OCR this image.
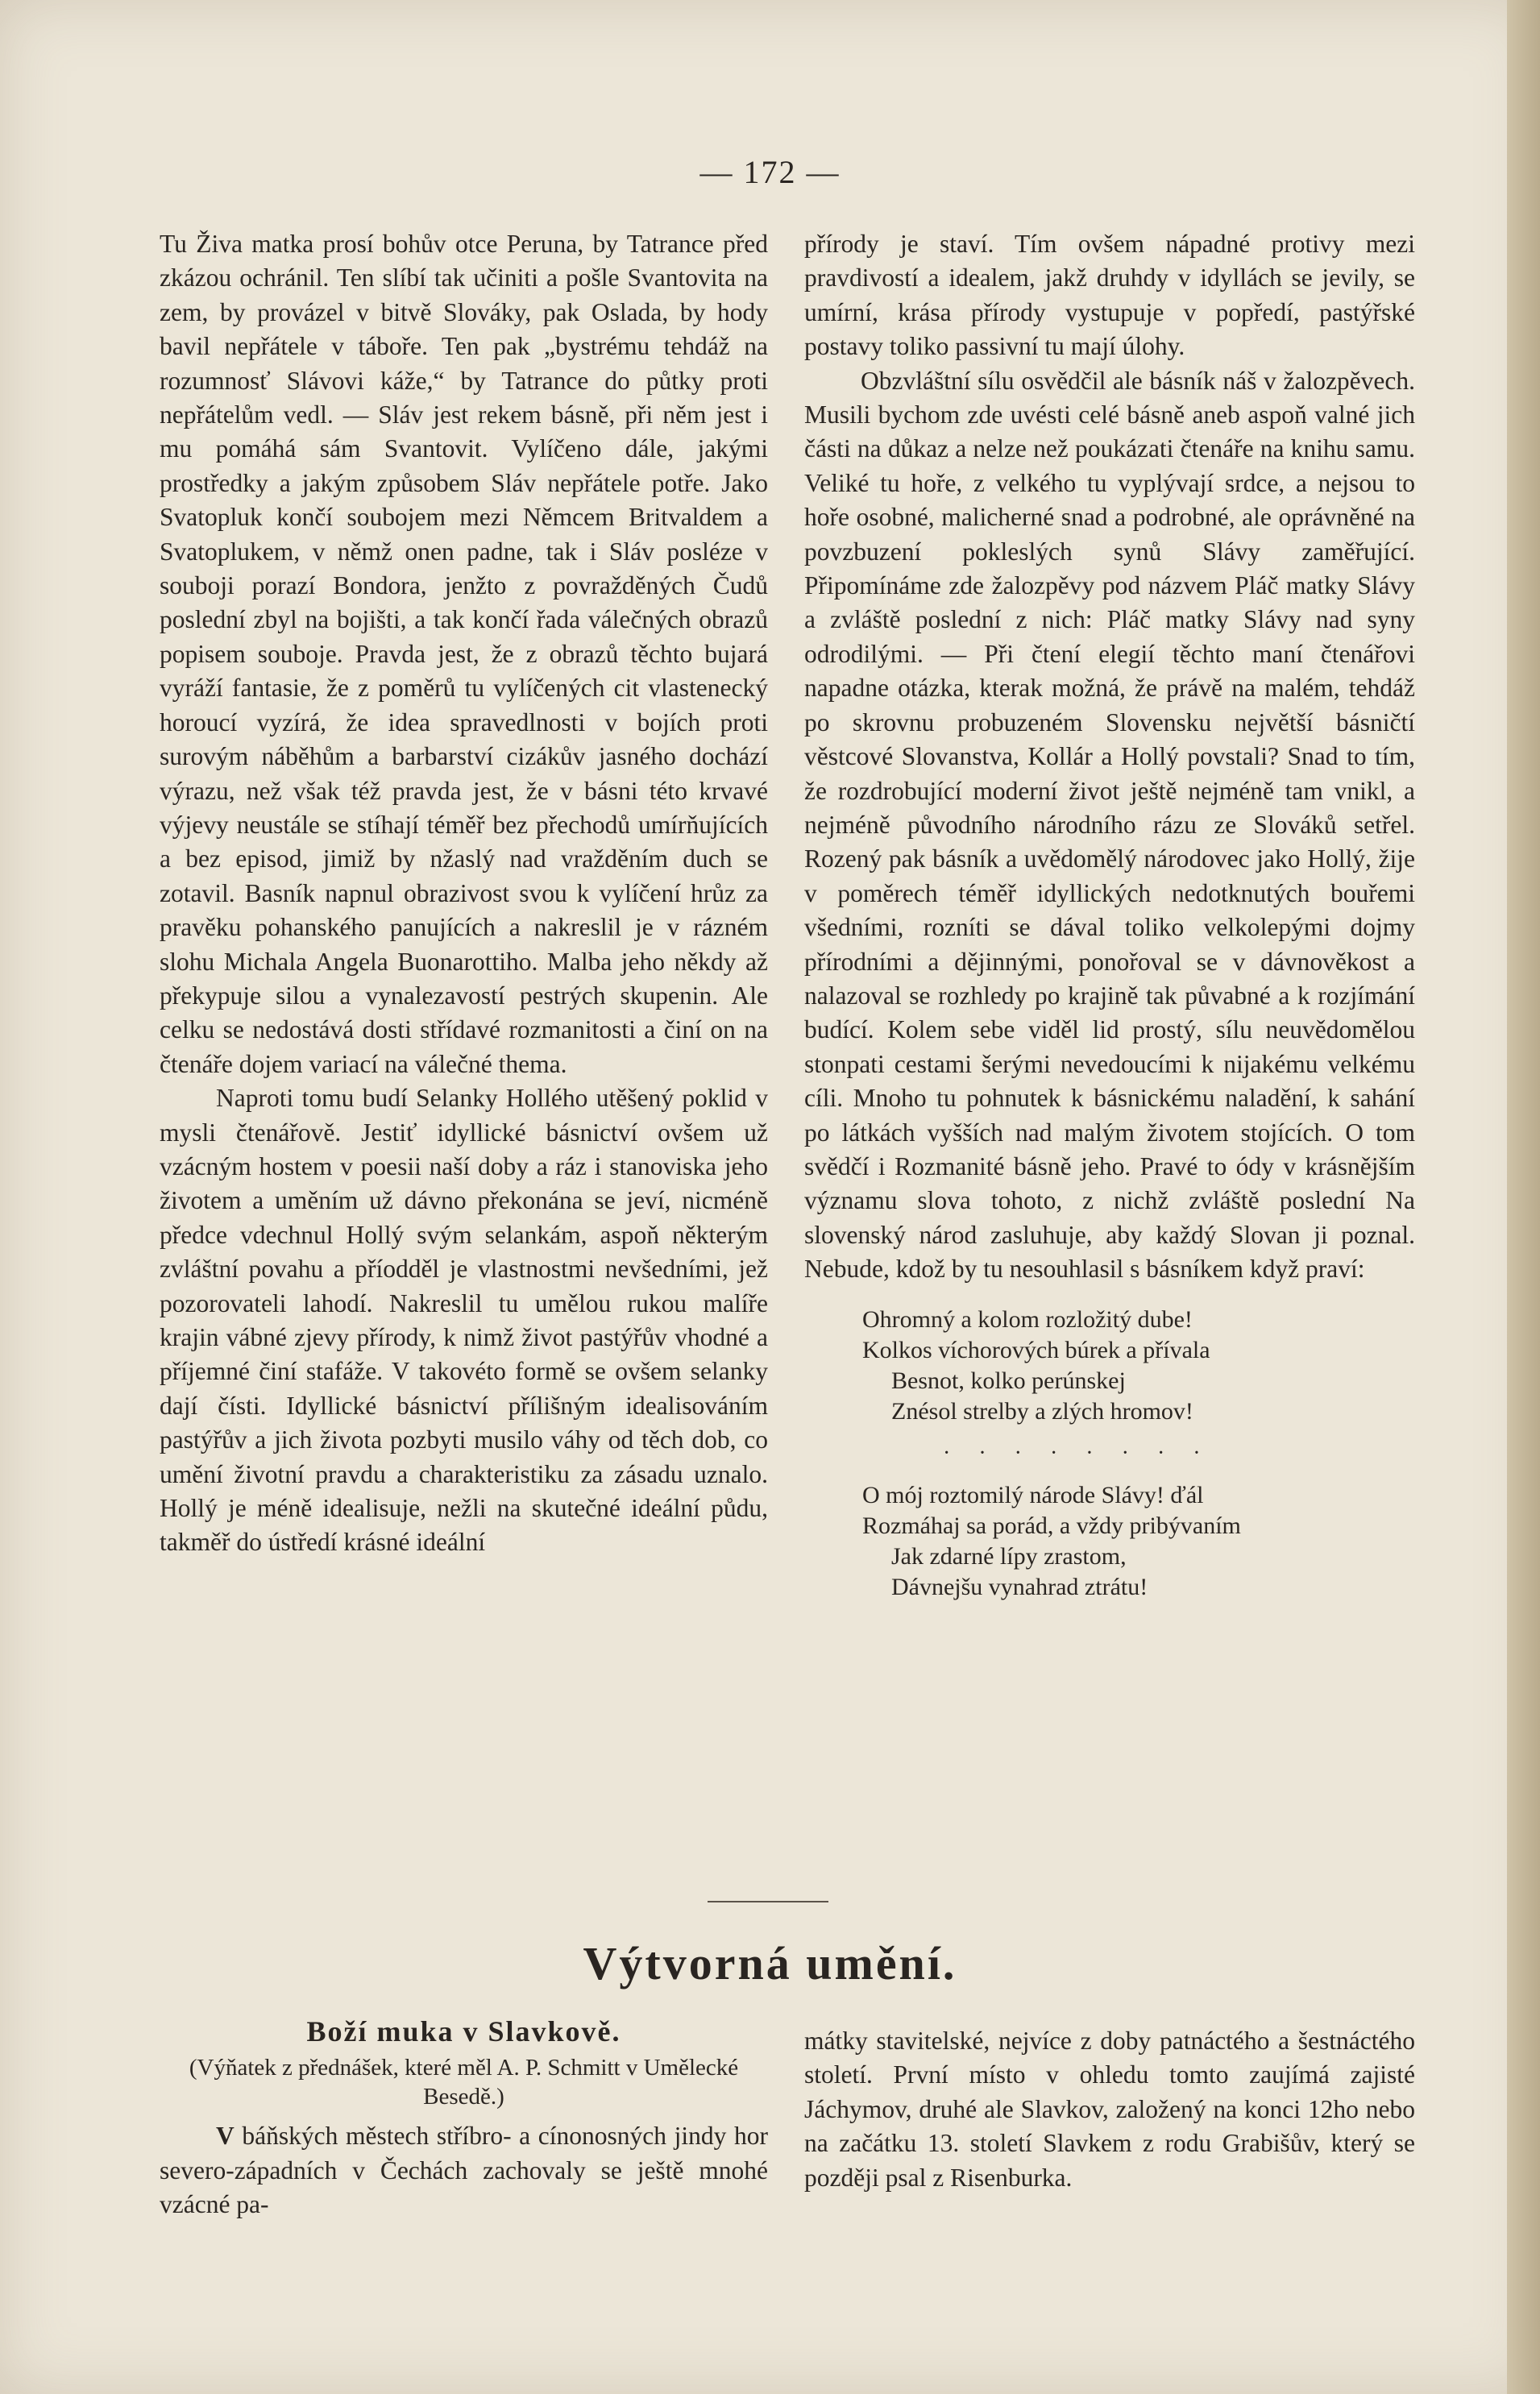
— 172 —

Tu Živa matka prosí bohův otce Peruna, by Tatrance před zkázou ochránil. Ten slíbí tak učiniti a pošle Svantovita na zem, by provázel v bitvě Slováky, pak Oslada, by hody bavil nepřátele v táboře. Ten pak „bystrému tehdáž na rozumnosť Slávovi káže,“ by Tatrance do půtky proti nepřátelům vedl. — Sláv jest rekem básně, při něm jest i mu pomáhá sám Svantovit. Vylíčeno dále, jakými prostředky a jakým způsobem Sláv nepřátele potře. Jako Svatopluk končí soubojem mezi Němcem Britvaldem a Svatoplukem, v němž onen padne, tak i Sláv posléze v souboji porazí Bondora, jenžto z povražděných Čudů poslední zbyl na bojišti, a tak končí řada válečných obrazů popisem souboje. Pravda jest, že z obrazů těchto bujará vyráží fantasie, že z poměrů tu vylíčených cit vlastenecký horoucí vyzírá, že idea spravedlnosti v bojích proti surovým náběhům a barbarství cizákův jasného dochází výrazu, než však též pravda jest, že v básni této krvavé výjevy neustále se stíhají téměř bez přechodů umírňujících a bez episod, jimiž by nžaslý nad vražděním duch se zotavil. Basník napnul obrazivost svou k vylíčení hrůz za pravěku pohanského panujících a nakreslil je v rázném slohu Michala Angela Buonarottiho. Malba jeho někdy až překypuje silou a vynalezavostí pestrých skupenin. Ale celku se nedostává dosti střídavé rozmanitosti a činí on na čtenáře dojem variací na válečné thema.

Naproti tomu budí Selanky Hollého utěšený poklid v mysli čtenářově. Jestiť idyllické básnictví ovšem už vzácným hostem v poesii naší doby a ráz i stanoviska jeho životem a uměním už dávno překonána se jeví, nicméně předce vdechnul Hollý svým selankám, aspoň některým zvláštní povahu a příodděl je vlastnostmi nevšedními, jež pozorovateli lahodí. Nakreslil tu umělou rukou malíře krajin vábné zjevy přírody, k nimž život pastýřův vhodné a příjemné činí stafáže. V takovéto formě se ovšem selanky dají čísti. Idyllické básnictví přílišným idealisováním pastýřův a jich života pozbyti musilo váhy od těch dob, co umění životní pravdu a charakteristiku za zásadu uznalo. Hollý je méně idealisuje, nežli na skutečné ideální půdu, takměř do ústředí krásné ideální

přírody je staví. Tím ovšem nápadné protivy mezi pravdivostí a idealem, jakž druhdy v idyllách se jevily, se umírní, krása přírody vystupuje v popředí, pastýřské postavy toliko passivní tu mají úlohy.

Obzvláštní sílu osvědčil ale básník náš v žalozpěvech. Musili bychom zde uvésti celé básně aneb aspoň valné jich části na důkaz a nelze než poukázati čtenáře na knihu samu. Veliké tu hoře, z velkého tu vyplývají srdce, a nejsou to hoře osobné, malicherné snad a podrobné, ale oprávněné na povzbuzení pokleslých synů Slávy zaměřující. Připomínáme zde žalozpěvy pod názvem Pláč matky Slávy a zvláště poslední z nich: Pláč matky Slávy nad syny odrodilými. — Při čtení elegií těchto maní čtenářovi napadne otázka, kterak možná, že právě na malém, tehdáž po skrovnu probuzeném Slovensku největší básničtí věstcové Slovanstva, Kollár a Hollý povstali? Snad to tím, že rozdrobující moderní život ještě nejméně tam vnikl, a nejméně původního národního rázu ze Slováků setřel. Rozený pak básník a uvědomělý národovec jako Hollý, žije v poměrech téměř idyllických nedotknutých bouřemi všedními, rozníti se dával toliko velkolepými dojmy přírodními a dějinnými, ponořoval se v dávnověkost a nalazoval se rozhledy po krajině tak půvabné a k rozjímání budící. Kolem sebe viděl lid prostý, sílu neuvědomělou stonpati cestami šerými nevedoucími k nijakému velkému cíli. Mnoho tu pohnutek k básnickému naladění, k sahání po látkách vyšších nad malým životem stojících. O tom svědčí i Rozmanité básně jeho. Pravé to ódy v krásnějším významu slova tohoto, z nichž zvláště poslední Na slovenský národ zasluhuje, aby každý Slovan ji poznal. Nebude, kdož by tu nesouhlasil s básníkem když praví:

Ohromný a kolom rozložitý dube!
Kolkos víchorových búrek a přívala
Besnot, kolko perúnskej
Znésol strelby a zlých hromov!
· · · · · · · ·
O mój roztomilý národe Slávy! ďál
Rozmáhaj sa porád, a vždy pribývaním
Jak zdarné lípy zrastom,
Dávnejšu vynahrad ztrátu!
Výtvorná umění.
Boží muka v Slavkově.
(Výňatek z přednášek, které měl A. P. Schmitt v Umělecké Besedě.)

V báňských městech stříbro- a cínonosných jindy hor severo-západních v Čechách zachovaly se ještě mnohé vzácné pa-

mátky stavitelské, nejvíce z doby patnáctého a šestnáctého století. První místo v ohledu tomto zaujímá zajisté Jáchymov, druhé ale Slavkov, založený na konci 12ho nebo na začátku 13. století Slavkem z rodu Grabišův, který se později psal z Risenburka.
